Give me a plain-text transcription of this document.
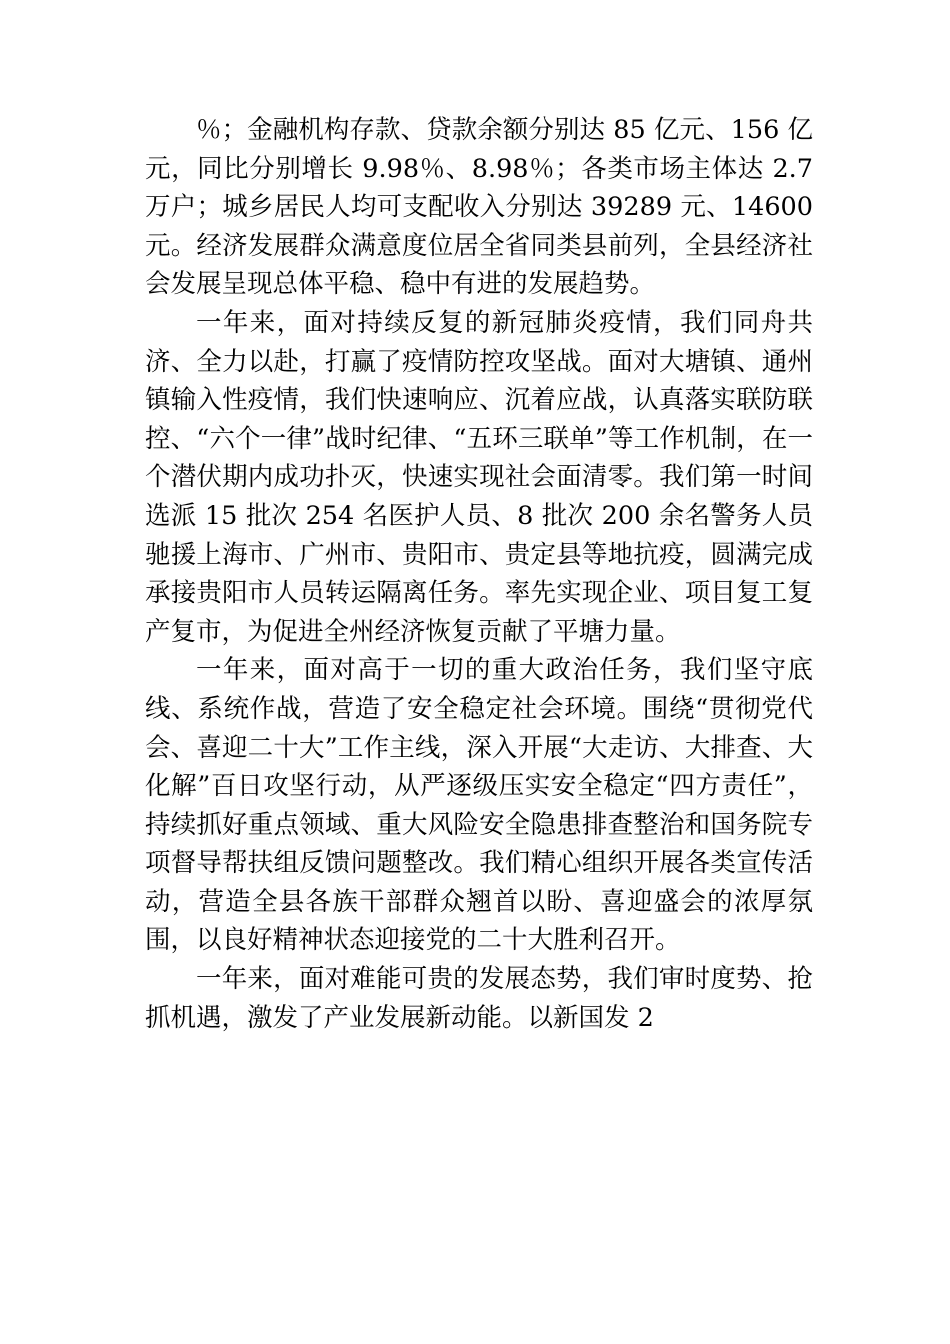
％；金融机构存款、贷款余额分别达 85 亿元、156 亿元，同比分别增长 9.98％、8.98％；各类市场主体达 2.7 万户；城乡居民人均可支配收入分别达 39289 元、14600 元。经济发展群众满意度位居全省同类县前列，全县经济社会发展呈现总体平稳、稳中有进的发展趋势。

一年来，面对持续反复的新冠肺炎疫情，我们同舟共济、全力以赴，打赢了疫情防控攻坚战。面对大塘镇、通州镇输入性疫情，我们快速响应、沉着应战，认真落实联防联控、“六个一律”战时纪律、“五环三联单”等工作机制，在一个潜伏期内成功扑灭，快速实现社会面清零。我们第一时间选派 15 批次 254 名医护人员、8 批次 200 余名警务人员驰援上海市、广州市、贵阳市、贵定县等地抗疫，圆满完成承接贵阳市人员转运隔离任务。率先实现企业、项目复工复产复市，为促进全州经济恢复贡献了平塘力量。

一年来，面对高于一切的重大政治任务，我们坚守底线、系统作战，营造了安全稳定社会环境。围绕“贯彻党代会、喜迎二十大”工作主线，深入开展“大走访、大排查、大化解”百日攻坚行动，从严逐级压实安全稳定“四方责任”，持续抓好重点领域、重大风险安全隐患排查整治和国务院专项督导帮扶组反馈问题整改。我们精心组织开展各类宣传活动，营造全县各族干部群众翘首以盼、喜迎盛会的浓厚氛围，以良好精神状态迎接党的二十大胜利召开。

一年来，面对难能可贵的发展态势，我们审时度势、抢抓机遇，激发了产业发展新动能。以新国发 2
